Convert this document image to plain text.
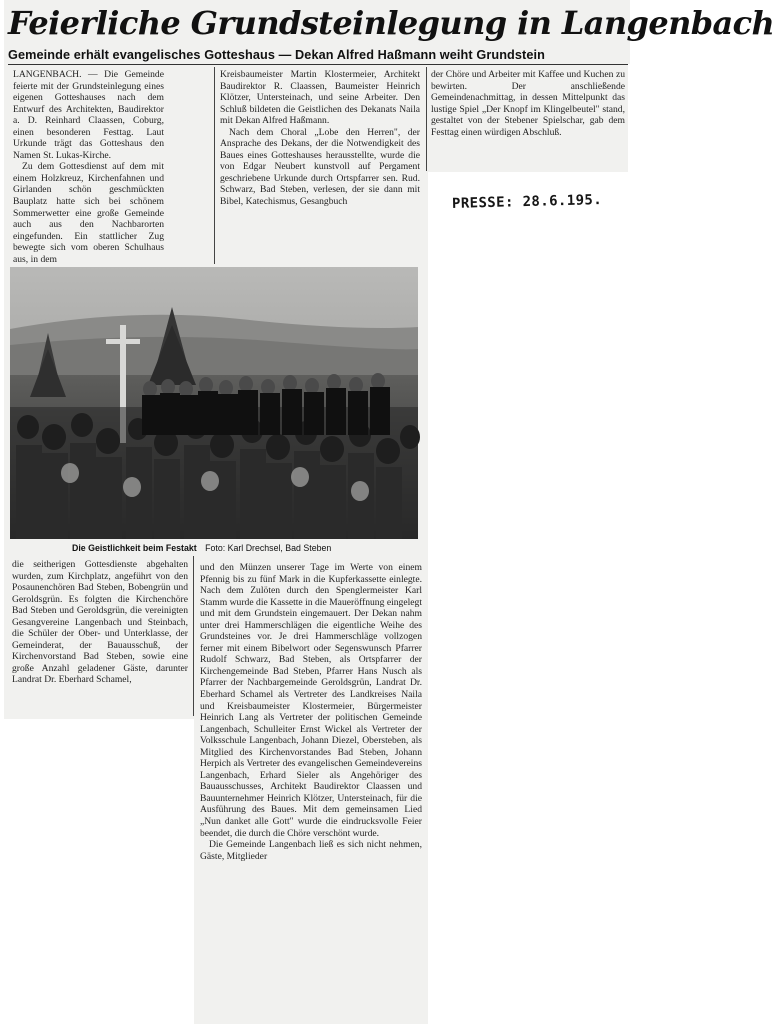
Feierliche Grundsteinlegung in Langenbach
Gemeinde erhält evangelisches Gotteshaus — Dekan Alfred Haßmann weiht Grundstein

LANGENBACH. — Die Gemeinde feierte mit der Grundsteinlegung eines eigenen Gotteshauses nach dem Entwurf des Architekten, Baudirektor a. D. Reinhard Claassen, Coburg, einen besonderen Festtag. Laut Urkunde trägt das Gotteshaus den Namen St. Lukas-Kirche.

Zu dem Gottesdienst auf dem mit einem Holzkreuz, Kirchenfahnen und Girlanden schön geschmückten Bauplatz hatte sich bei schönem Sommerwetter eine große Gemeinde auch aus den Nachbarorten eingefunden. Ein stattlicher Zug bewegte sich vom oberen Schulhaus aus, in dem

Kreisbaumeister Martin Klostermeier, Architekt Baudirektor R. Claassen, Baumeister Heinrich Klötzer, Untersteinach, und seine Arbeiter. Den Schluß bildeten die Geistlichen des Dekanats Naila mit Dekan Alfred Haßmann.

Nach dem Choral „Lobe den Herren", der Ansprache des Dekans, der die Notwendigkeit des Baues eines Gotteshauses herausstellte, wurde die von Edgar Neubert kunstvoll auf Pergament geschriebene Urkunde durch Ortspfarrer sen. Rud. Schwarz, Bad Steben, verlesen, der sie dann mit Bibel, Katechismus, Gesangbuch

der Chöre und Arbeiter mit Kaffee und Kuchen zu bewirten. Der anschließende Gemeindenachmittag, in dessen Mittelpunkt das lustige Spiel „Der Knopf im Klingelbeutel" stand, gestaltet von der Stebener Spielschar, gab dem Festtag einen würdigen Abschluß.

PRESSE: 28.6.195.
Die Geistlichkeit beim Festakt Foto: Karl Drechsel, Bad Steben

die seitherigen Gottesdienste abgehalten wurden, zum Kirchplatz, angeführt von den Posaunenchören Bad Steben, Bobengrün und Geroldsgrün. Es folgten die Kirchenchöre Bad Steben und Geroldsgrün, die vereinigten Gesangvereine Langenbach und Steinbach, die Schüler der Ober- und Unterklasse, der Gemeinderat, der Bauausschuß, der Kirchenvorstand Bad Steben, sowie eine große Anzahl geladener Gäste, darunter Landrat Dr. Eberhard Schamel,

und den Münzen unserer Tage im Werte von einem Pfennig bis zu fünf Mark in die Kupferkassette einlegte. Nach dem Zulöten durch den Spenglermeister Karl Stamm wurde die Kassette in die Maueröffnung eingelegt und mit dem Grundstein eingemauert. Der Dekan nahm unter drei Hammerschlägen die eigentliche Weihe des Grundsteines vor. Je drei Hammerschläge vollzogen ferner mit einem Bibelwort oder Segenswunsch Pfarrer Rudolf Schwarz, Bad Steben, als Ortspfarrer der Kirchengemeinde Bad Steben, Pfarrer Hans Nusch als Pfarrer der Nachbargemeinde Geroldsgrün, Landrat Dr. Eberhard Schamel als Vertreter des Landkreises Naila und Kreisbaumeister Klostermeier, Bürgermeister Heinrich Lang als Vertreter der politischen Gemeinde Langenbach, Schulleiter Ernst Wickel als Vertreter der Volksschule Langenbach, Johann Diezel, Obersteben, als Mitglied des Kirchenvorstandes Bad Steben, Johann Herpich als Vertreter des evangelischen Gemeindevereins Langenbach, Erhard Sieler als Angehöriger des Bauausschusses, Architekt Baudirektor Claassen und Bauunternehmer Heinrich Klötzer, Untersteinach, für die Ausführung des Baues. Mit dem gemeinsamen Lied „Nun danket alle Gott" wurde die eindrucksvolle Feier beendet, die durch die Chöre verschönt wurde.

Die Gemeinde Langenbach ließ es sich nicht nehmen, Gäste, Mitglieder
